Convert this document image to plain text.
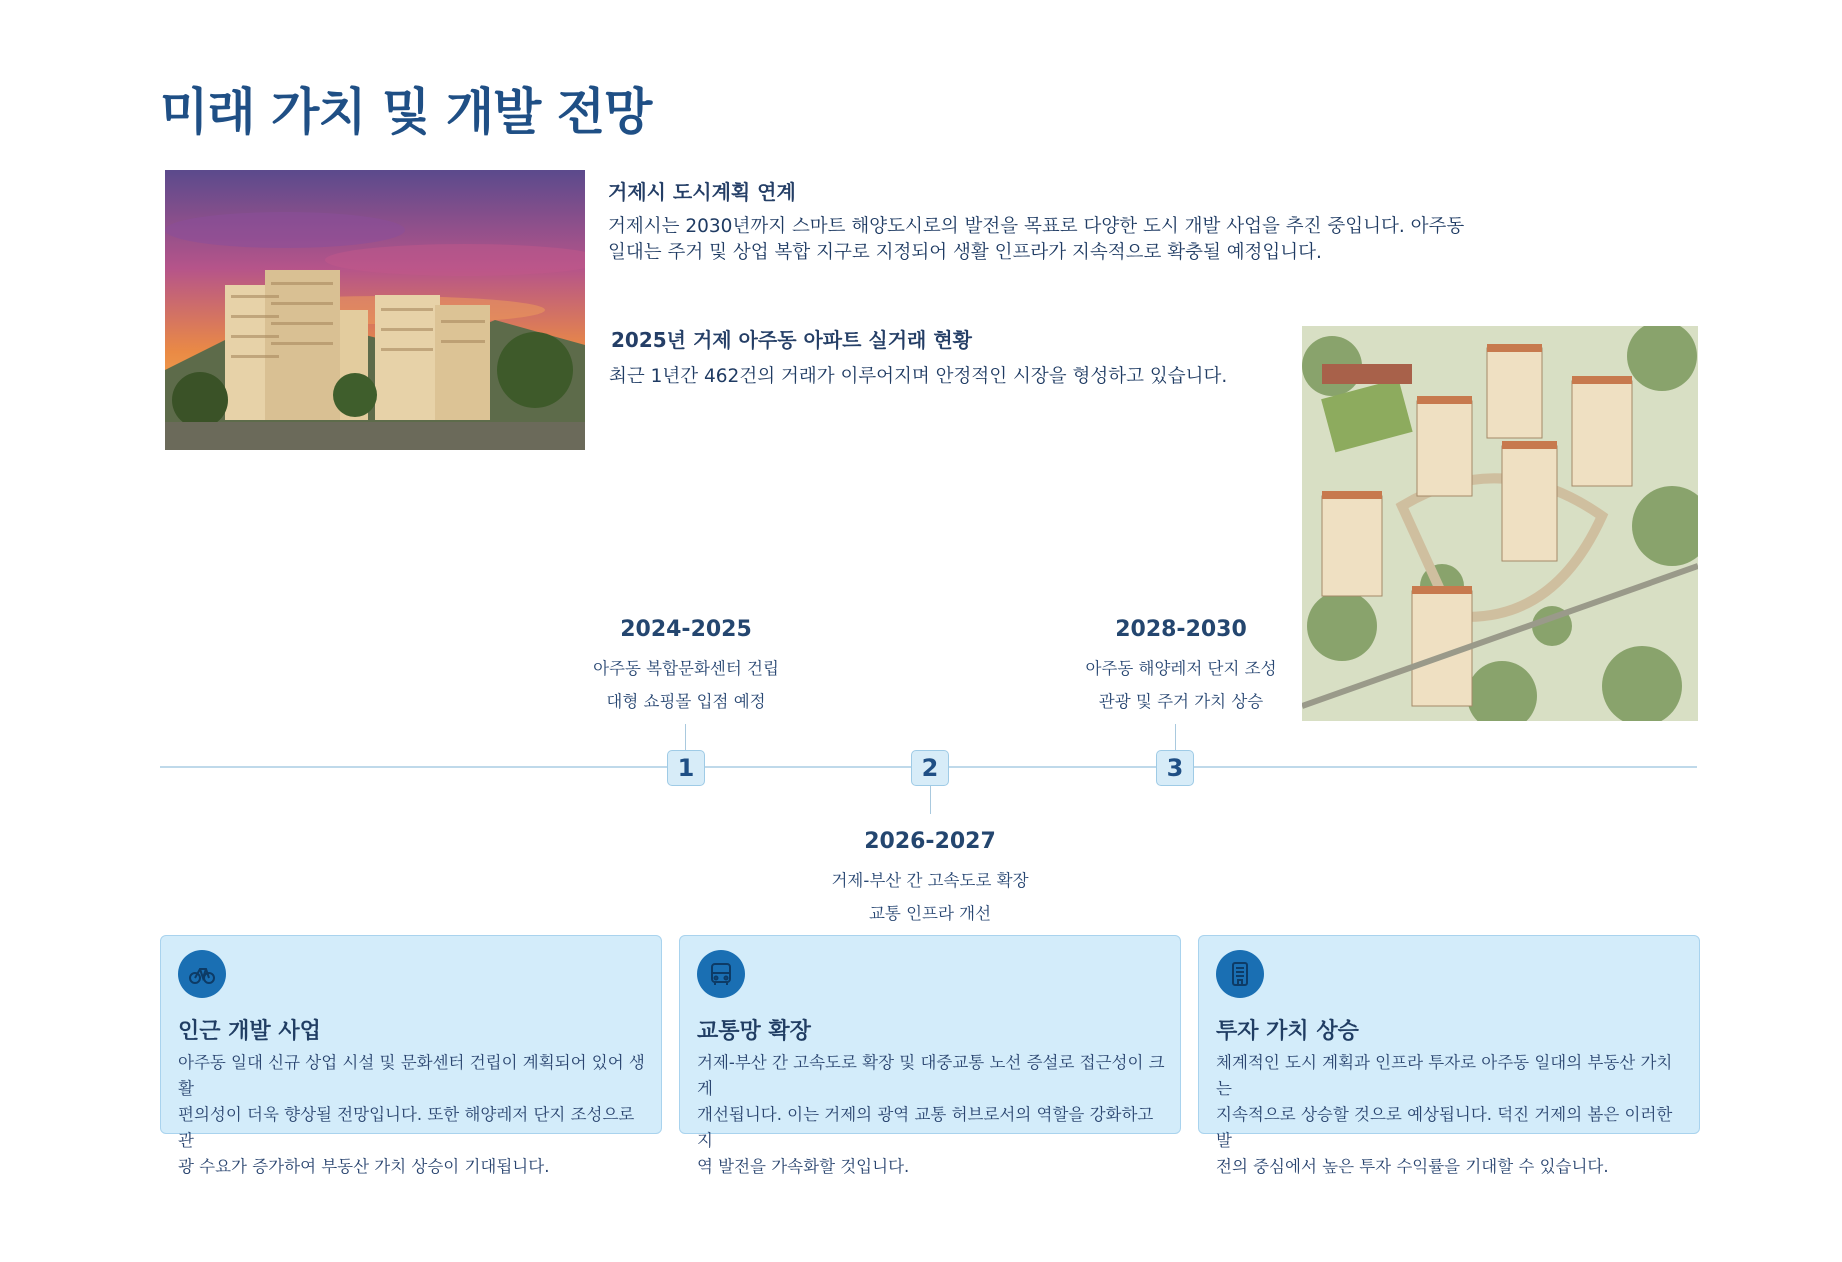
미래 가치 및 개발 전망
거제시 도시계획 연계
거제시는 2030년까지 스마트 해양도시로의 발전을 목표로 다양한 도시 개발 사업을 추진 중입니다. 아주동
일대는 주거 및 상업 복합 지구로 지정되어 생활 인프라가 지속적으로 확충될 예정입니다.
2025년 거제 아주동 아파트 실거래 현황
최근 1년간 462건의 거래가 이루어지며 안정적인 시장을 형성하고 있습니다.
1	2	3
2024-2025
아주동 복합문화센터 건립
대형 쇼핑몰 입점 예정
2026-2027
거제-부산 간 고속도로 확장
교통 인프라 개선
2028-2030
아주동 해양레저 단지 조성
관광 및 주거 가치 상승
인근 개발 사업
아주동 일대 신규 상업 시설 및 문화센터 건립이 계획되어 있어 생활
편의성이 더욱 향상될 전망입니다. 또한 해양레저 단지 조성으로 관
광 수요가 증가하여 부동산 가치 상승이 기대됩니다.
교통망 확장
거제-부산 간 고속도로 확장 및 대중교통 노선 증설로 접근성이 크게
개선됩니다. 이는 거제의 광역 교통 허브로서의 역할을 강화하고 지
역 발전을 가속화할 것입니다.
투자 가치 상승
체계적인 도시 계획과 인프라 투자로 아주동 일대의 부동산 가치는
지속적으로 상승할 것으로 예상됩니다. 덕진 거제의 봄은 이러한 발
전의 중심에서 높은 투자 수익률을 기대할 수 있습니다.
